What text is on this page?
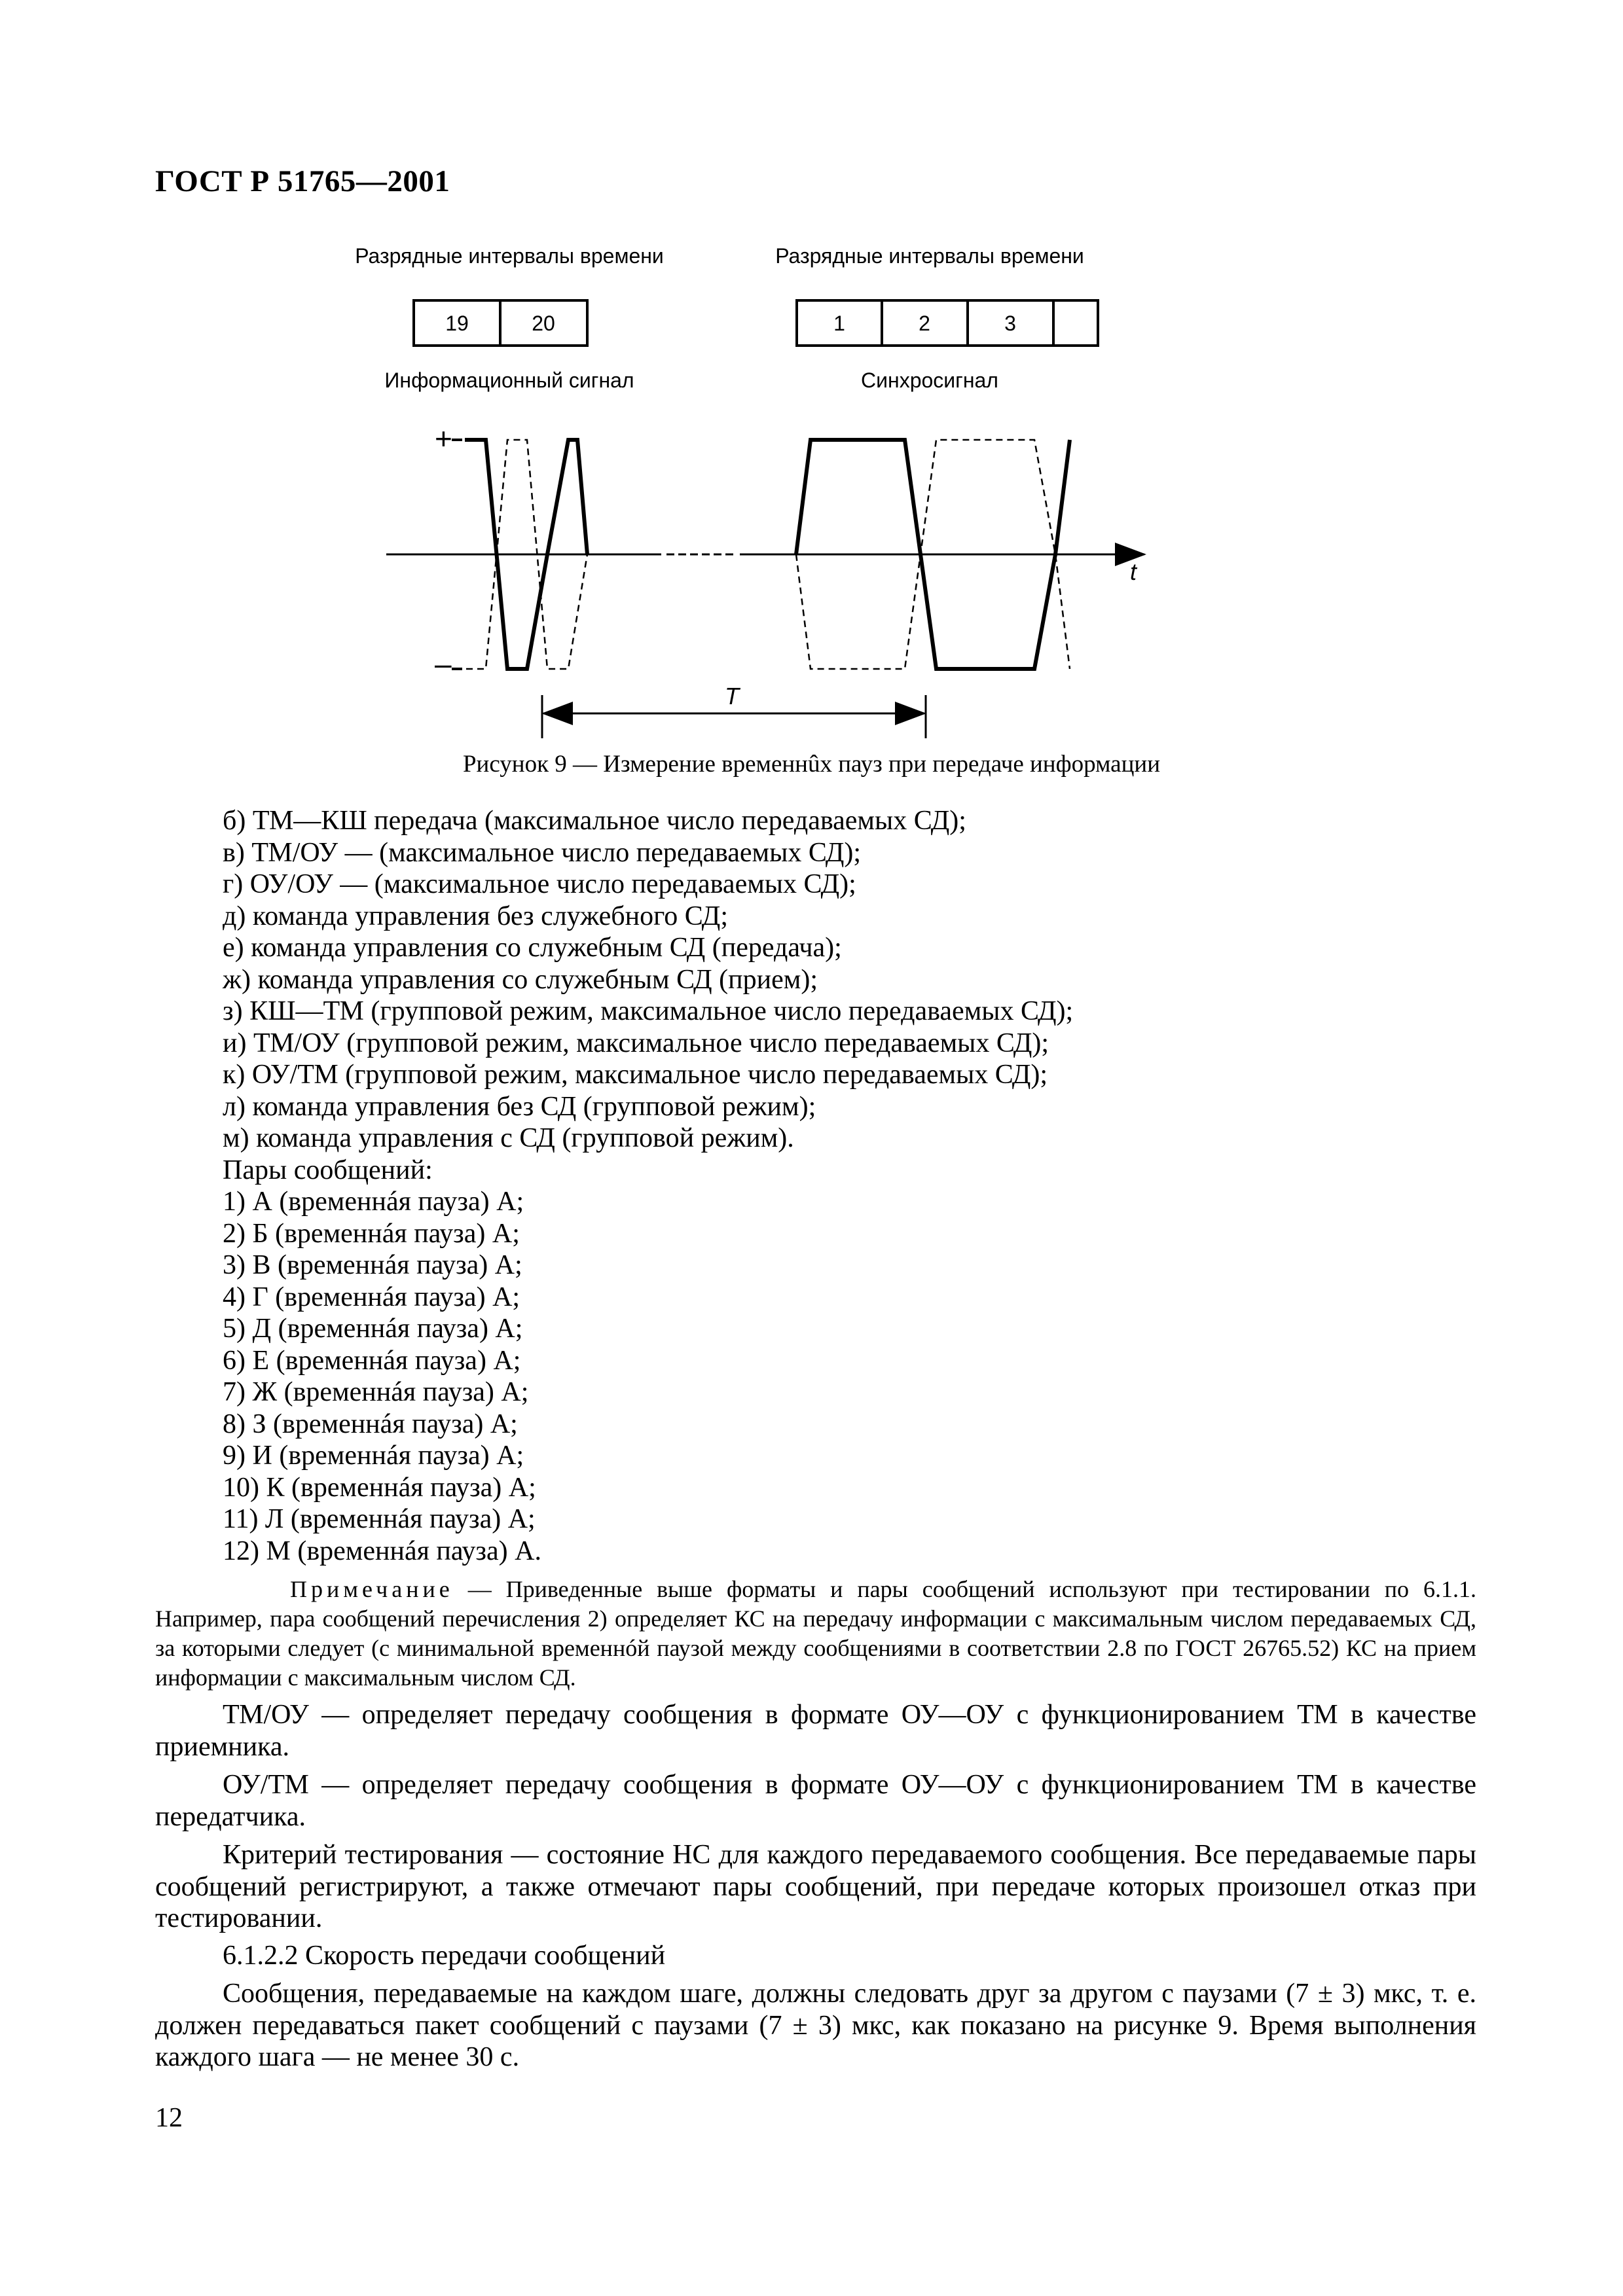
ГОСТ Р 51765—2001
Разрядные интервалы времени	Разрядные интервалы времени
Информационный сигнал	Синхросигнал
19	20	1	2	3
+
–
t
T
Рисунок 9 — Измерение временнûх пауз при передаче информации
б) ТМ—КШ передача (максимальное число передаваемых СД);
в) ТМ/ОУ — (максимальное число передаваемых СД);
г) ОУ/ОУ — (максимальное число передаваемых СД);
д) команда управления без служебного СД;
е) команда управления со служебным СД (передача);
ж) команда управления со служебным СД (прием);
з) КШ—ТМ (групповой режим, максимальное число передаваемых СД);
и) ТМ/ОУ (групповой режим, максимальное число передаваемых СД);
к) ОУ/ТМ (групповой режим, максимальное число передаваемых СД);
л) команда управления без СД (групповой режим);
м) команда управления с СД (групповой режим).
Пары сообщений:
1) А (временнáя пауза) А;
2) Б (временнáя пауза) А;
3) В (временнáя пауза) А;
4) Г (временнáя пауза) А;
5) Д (временнáя пауза) А;
6) Е (временнáя пауза) А;
7) Ж (временнáя пауза) А;
8) З (временнáя пауза) А;
9) И (временнáя пауза) А;
10) К (временнáя пауза) А;
11) Л (временнáя пауза) А;
12) М (временнáя пауза) А.
Примечание — Приведенные выше форматы и пары сообщений используют при тестировании по 6.1.1. Например, пара сообщений перечисления 2) определяет КС на передачу информации с максимальным числом передаваемых СД, за которыми следует (с минимальной временнóй паузой между сообщениями в соответствии 2.8 по ГОСТ 26765.52) КС на прием информации с максимальным числом СД.
ТМ/ОУ — определяет передачу сообщения в формате ОУ—ОУ с функционированием ТМ в качестве приемника.
ОУ/ТМ — определяет передачу сообщения в формате ОУ—ОУ с функционированием ТМ в качестве передатчика.
Критерий тестирования — состояние НС для каждого передаваемого сообщения. Все передаваемые пары сообщений регистрируют, а также отмечают пары сообщений, при передаче которых произошел отказ при тестировании.
6.1.2.2 Скорость передачи сообщений
Сообщения, передаваемые на каждом шаге, должны следовать друг за другом с паузами (7 ± 3) мкс, т. е. должен передаваться пакет сообщений с паузами (7 ± 3) мкс, как показано на рисунке 9. Время выполнения каждого шага — не менее 30 с.
12
